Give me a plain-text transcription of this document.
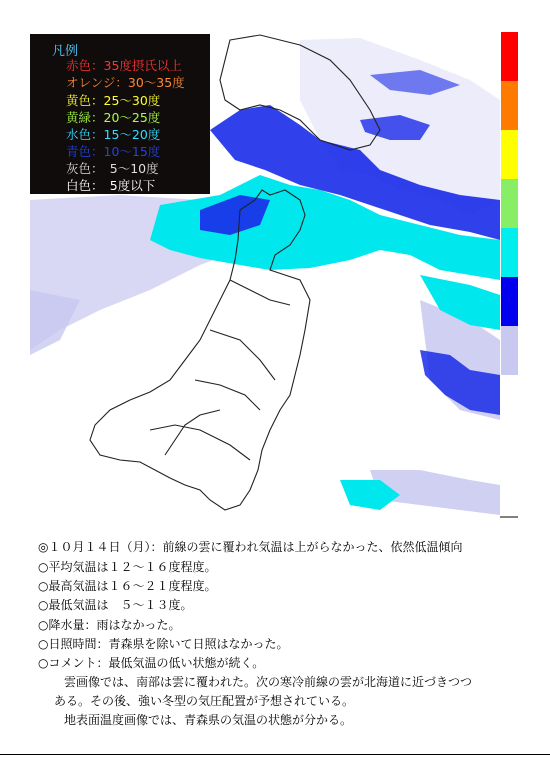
凡例
赤色：35度摂氏以上
オレンジ：30～35度
黄色：25～30度
黄緑：20～25度
水色：15～20度
青色：10～15度
灰色：　5～10度
白色：　5度以下
◎１０月１４日（月）：前線の雲に覆われ気温は上がらなかった、依然低温傾向
○平均気温は１２～１６度程度。
○最高気温は１６～２１度程度。
○最低気温は　５～１３度。
○降水量：雨はなかった。
○日照時間：青森県を除いて日照はなかった。
○コメント：最低気温の低い状態が続く。
雲画像では、南部は雲に覆われた。次の寒冷前線の雲が北海道に近づきつつ
ある。その後、強い冬型の気圧配置が予想されている。
地表面温度画像では、青森県の気温の状態が分かる。
